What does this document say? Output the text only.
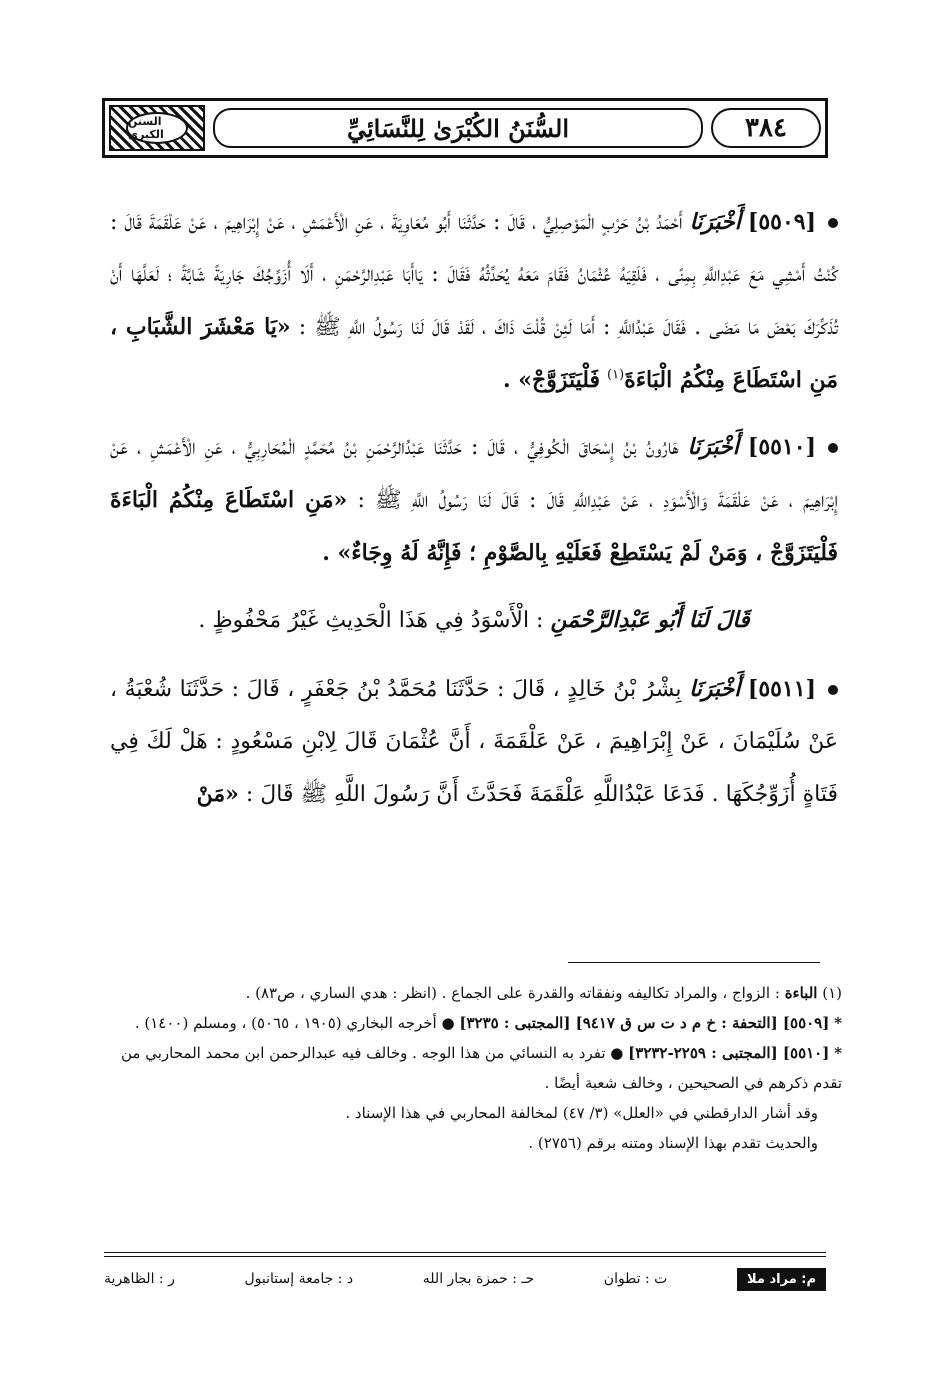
السنن الكبرى	السُّنَنُ الكُبْرَىٰ لِلنَّسَائِيِّ	٣٨٤

[٥٥٠٩] أَخْبَرَنَا أَحْمَدُ بْنُ حَرْبٍ الْمَوْصِلِيُّ ، قَالَ : حَدَّثَنَا أَبُو مُعَاوِيَةَ ، عَنِ الْأَعْمَشِ ، عَنْ إِبْرَاهِيمَ ، عَنْ عَلْقَمَةَ قَالَ : كُنْتُ أَمْشِي مَعَ عَبْدِاللَّهِ بِمِنًى ، فَلَقِيَهُ عُثْمَانُ فَقَامَ مَعَهُ يُحَدِّثُهُ فَقَالَ : يَاأَبَا عَبْدِالرَّحْمَنِ ، أَلَا أُزَوِّجُكَ جَارِيَةً شَابَّةً ؛ لَعَلَّهَا أَنْ تُذَكِّرَكَ بَعْضَ مَا مَضَى . فَقَالَ عَبْدُاللَّهِ : أَمَا لَئِنْ قُلْتَ ذَاكَ ، لَقَدْ قَالَ لَنَا رَسُولُ اللَّهِ ﷺ : «يَا مَعْشَرَ الشَّبَابِ ، مَنِ اسْتَطَاعَ مِنْكُمُ الْبَاءَةَ$^{(١)}$ فَلْيَتَزَوَّجْ» .

[٥٥١٠] أَخْبَرَنَا هَارُونُ بْنُ إِسْحَاقَ الْكُوفِيُّ ، قَالَ : حَدَّثَنَا عَبْدُالرَّحْمَنِ بْنُ مُحَمَّدٍ الْمُحَارِبِيُّ ، عَنِ الْأَعْمَشِ ، عَنْ إِبْرَاهِيمَ ، عَنْ عَلْقَمَةَ وَالْأَسْوَدِ ، عَنْ عَبْدِاللَّهِ قَالَ : قَالَ لَنَا رَسُولُ اللَّهِ ﷺ : «مَنِ اسْتَطَاعَ مِنْكُمُ الْبَاءَةَ فَلْيَتَزَوَّجْ ، وَمَنْ لَمْ يَسْتَطِعْ فَعَلَيْهِ بِالصَّوْمِ ؛ فَإِنَّهُ لَهُ وِجَاءٌ» .

قَالَ لَنَا أَبُو عَبْدِالرَّحْمَنِ : الْأَسْوَدُ فِي هَذَا الْحَدِيثِ غَيْرُ مَحْفُوظٍ .

[٥٥١١] أَخْبَرَنَا بِشْرُ بْنُ خَالِدٍ ، قَالَ : حَدَّثَنَا مُحَمَّدُ بْنُ جَعْفَرٍ ، قَالَ : حَدَّثَنَا شُعْبَةُ ، عَنْ سُلَيْمَانَ ، عَنْ إِبْرَاهِيمَ ، عَنْ عَلْقَمَةَ ، أَنَّ عُثْمَانَ قَالَ لِابْنِ مَسْعُودٍ : هَلْ لَكَ فِي فَتَاةٍ أُزَوِّجُكَهَا . فَدَعَا عَبْدُاللَّهِ عَلْقَمَةَ فَحَدَّثَ أَنَّ رَسُولَ اللَّهِ ﷺ قَالَ : «مَنْ

(١) الباءة : الزواج ، والمراد تكاليفه ونفقاته والقدرة على الجماع . (انظر : هدي الساري ، ص٨٣) .

* [٥٥٠٩] [التحفة : خ م د ت س ق ٩٤١٧] [المجتبى : ٣٢٣٥] ● أخرجه البخاري (١٩٠٥ ، ٥٠٦٥) ، ومسلم (١٤٠٠) .

* [٥٥١٠] [المجتبى : ٢٢٥٩-٣٢٣٢] ● تفرد به النسائي من هذا الوجه . وخالف فيه عبدالرحمن ابن محمد المحاربي من تقدم ذكرهم في الصحيحين ، وخالف شعبة أيضًا .

وقد أشار الدارقطني في «العلل» (٣/ ٤٧) لمخالفة المحاربي في هذا الإسناد .

والحديث تقدم بهذا الإسناد ومتنه برقم (٢٧٥٦) .

م: مراد ملا
ت : تطوان
حـ : حمزة بجار الله
د : جامعة إستانبول
ر : الظاهرية
